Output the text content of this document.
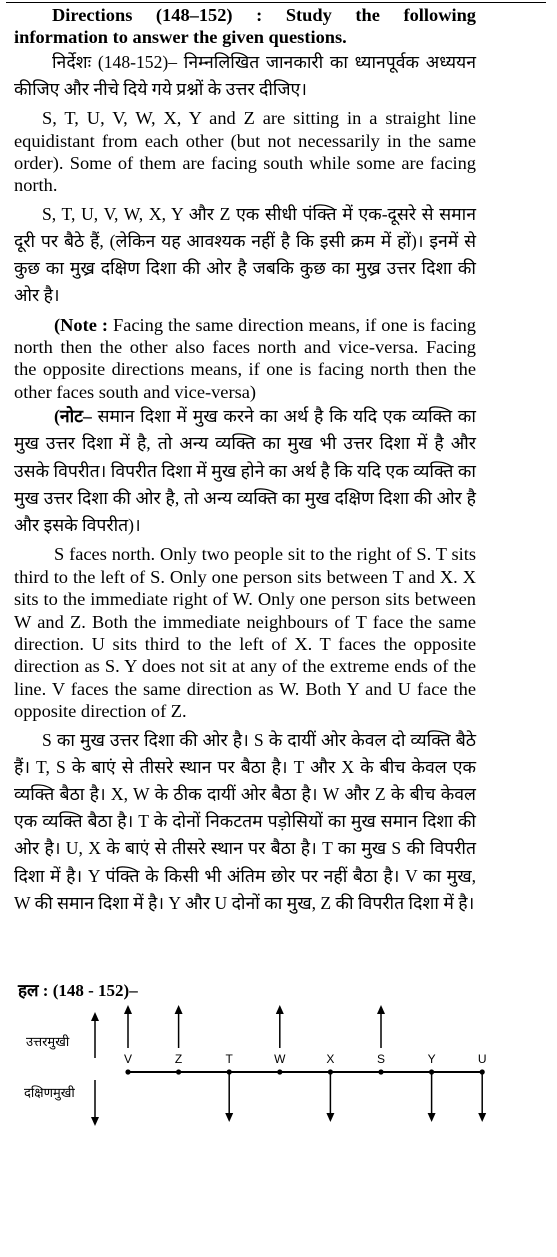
Directions (148–152) : Study the following information to answer the given questions.

निर्देशः (148-152)– निम्नलिखित जानकारी का ध्यानपूर्वक अध्ययन कीजिए और नीचे दिये गये प्रश्नों के उत्तर दीजिए।

S, T, U, V, W, X, Y and Z are sitting in a straight line equidistant from each other (but not necessarily in the same order). Some of them are facing south while some are facing north.

S, T, U, V, W, X, Y और Z एक सीधी पंक्ति में एक-दूसरे से समान दूरी पर बैठे हैं, (लेकिन यह आवश्यक नहीं है कि इसी क्रम में हों)। इनमें से कुछ का मुख्र दक्षिण दिशा की ओर है जबकि कुछ का मुख्र उत्तर दिशा की ओर है।

(Note : Facing the same direction means, if one is facing north then the other also faces north and vice-versa. Facing the opposite directions means, if one is facing north then the other faces south and vice-versa)

(नोट– समान दिशा में मुख करने का अर्थ है कि यदि एक व्यक्ति का मुख उत्तर दिशा में है, तो अन्य व्यक्ति का मुख भी उत्तर दिशा में है और उसके विपरीत। विपरीत दिशा में मुख होने का अर्थ है कि यदि एक व्यक्ति का मुख उत्तर दिशा की ओर है, तो अन्य व्यक्ति का मुख दक्षिण दिशा की ओर है और इसके विपरीत)।

S faces north. Only two people sit to the right of S. T sits third to the left of S. Only one person sits between T and X. X sits to the immediate right of W. Only one person sits between W and Z. Both the immediate neighbours of T face the same direction. U sits third to the left of X. T faces the opposite direction as S. Y does not sit at any of the extreme ends of the line. V faces the same direction as W. Both Y and U face the opposite direction of Z.

S का मुख उत्तर दिशा की ओर है। S के दायीं ओर केवल दो व्यक्ति बैठे हैं। T, S के बाएं से तीसरे स्थान पर बैठा है। T और X के बीच केवल एक व्यक्ति बैठा है। X, W के ठीक दायीं ओर बैठा है। W और Z के बीच केवल एक व्यक्ति बैठा है। T के दोनों निकटतम पड़ोसियों का मुख समान दिशा की ओर है। U, X के बाएं से तीसरे स्थान पर बैठा है। T का मुख S की विपरीत दिशा में है। Y पंक्ति के किसी भी अंतिम छोर पर नहीं बैठा है। V का मुख, W की समान दिशा में है। Y और U दोनों का मुख, Z की विपरीत दिशा में है।

हल : (148 - 152)–
उत्तरमुखी
दक्षिणमुखी
V	Z	T	W	X	S	Y	U
